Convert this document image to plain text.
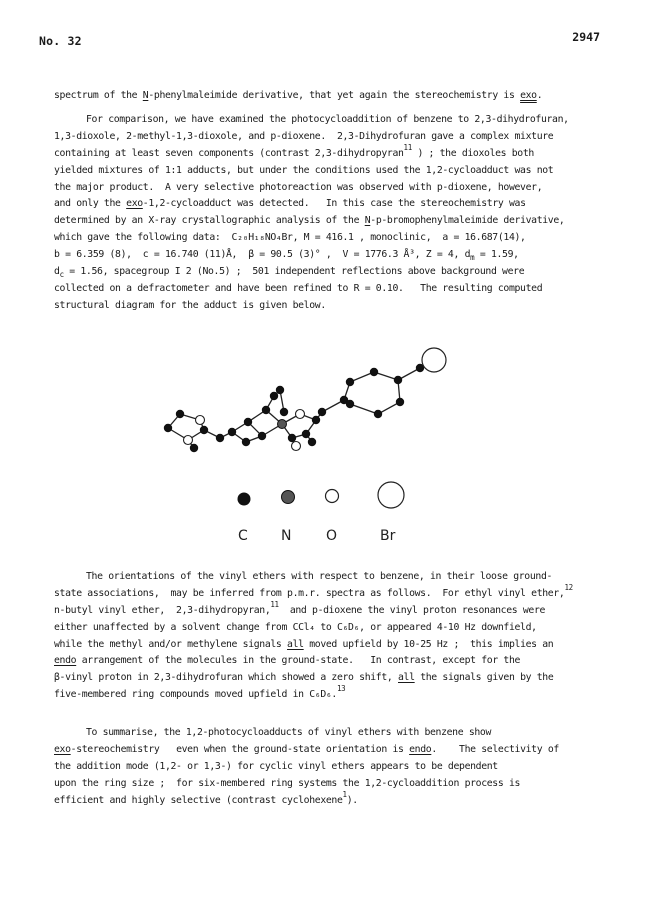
No. 32	2947
spectrum of the N-phenylmaleimide derivative, that yet again the stereochemistry is exo.
For comparison, we have examined the photocycloaddition of benzene to 2,3-dihydrofuran,
1,3-dioxole, 2-methyl-1,3-dioxole, and p-dioxene.  2,3-Dihydrofuran gave a complex mixture
containing at least seven components (contrast 2,3-dihydropyran$^{11}$ ) ; the dioxoles both
yielded mixtures of 1:1 adducts, but under the conditions used the 1,2-cycloadduct was not
the major product.  A very selective photoreaction was observed with p-dioxene, however,
and only the exo-1,2-cycloadduct was detected.   In this case the stereochemistry was
determined by an X-ray crystallographic analysis of the N-p-bromophenylmaleimide derivative,
which gave the following data:  C₂₀H₁₈NO₄Br, M = 416.1 , monoclinic,  a = 16.687(14),
b = 6.359 (8),  c = 16.740 (11)Å,  β = 90.5 (3)° ,  V = 1776.3 Å³, Z = 4, $d_m = 1.59$,
$d_c = 1.56$, spacegroup I 2 (No.5) ;  501 independent reflections above background were
collected on a defractometer and have been refined to R = 0.10.   The resulting computed
structural diagram for the adduct is given below.
C N O	Br
The orientations of the vinyl ethers with respect to benzene, in their loose ground-
state associations,  may be inferred from p.m.r. spectra as follows.  For ethyl vinyl ether,$^{12}$
n-butyl vinyl ether,  2,3-dihydropyran,$^{11}$  and p-dioxene the vinyl proton resonances were
either unaffected by a solvent change from CCl₄ to C₆D₆, or appeared 4-10 Hz downfield,
while the methyl and/or methylene signals all moved upfield by 10-25 Hz ;  this implies an
endo arrangement of the molecules in the ground-state.   In contrast, except for the
β-vinyl proton in 2,3-dihydrofuran which showed a zero shift, all the signals given by the
five-membered ring compounds moved upfield in C₆D₆.$^{13}$
To summarise, the 1,2-photocycloadducts of vinyl ethers with benzene show
exo-stereochemistry   even when the ground-state orientation is endo.    The selectivity of
the addition mode (1,2- or 1,3-) for cyclic vinyl ethers appears to be dependent
upon the ring size ;  for six-membered ring systems the 1,2-cycloaddition process is
efficient and highly selective (contrast cyclohexene$^1$).
